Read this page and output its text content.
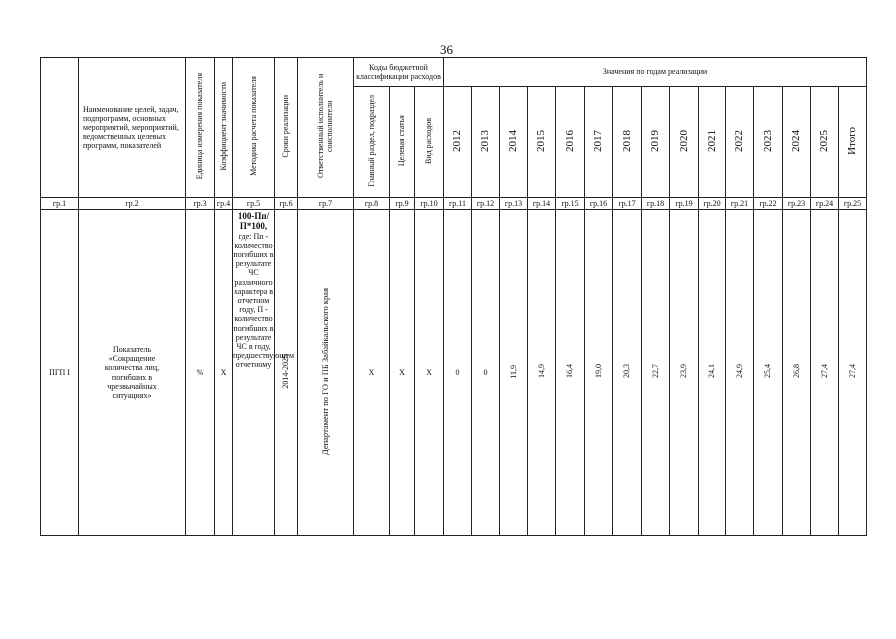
36
	Наименование целей, задач, подпрограмм, основных мероприятий, мероприятий, ведомственных целевых программ, показателей	Единица измерения показателя	Коэффициент значимости	Методика расчета показателя	Сроки реализации	Ответственный исполнитель и соисполнители	Коды бюджетной классификации расходов			Значения по годам реализации														
							Главный раздел, подраздел	Целевая статья	Вид расходов	2012	2013	2014	2015	2016	2017	2018	2019	2020	2021	2022	2023	2024	2025	Итого
гр.1	гр.2	гр.3	гр.4	гр.5	гр.6	гр.7	гр.8	гр.9	гр.10	гр.11	гр.12	гр.13	гр.14	гр.15	гр.16	гр.17	гр.18	гр.19	гр.20	гр.21	гр.22	гр.23	гр.24	гр.25
ПГП I	Показатель «Сокращение количества лиц, погибших в чрезвычайных ситуациях»	%	Х	100-Пп/П*100, где: Пп - количество погибших в результате ЧС различного характера в отчетном году, П - количество погибших в результате ЧС в году, предшествующем отчетному	2014-2025	Департамент по ГО и ПБ Забайкальского края	Х	Х	Х	0	0	11,9	14,9	16,4	19,0	20,3	22,7	23,9	24,1	24,9	25,4	26,8	27,4	27,4
